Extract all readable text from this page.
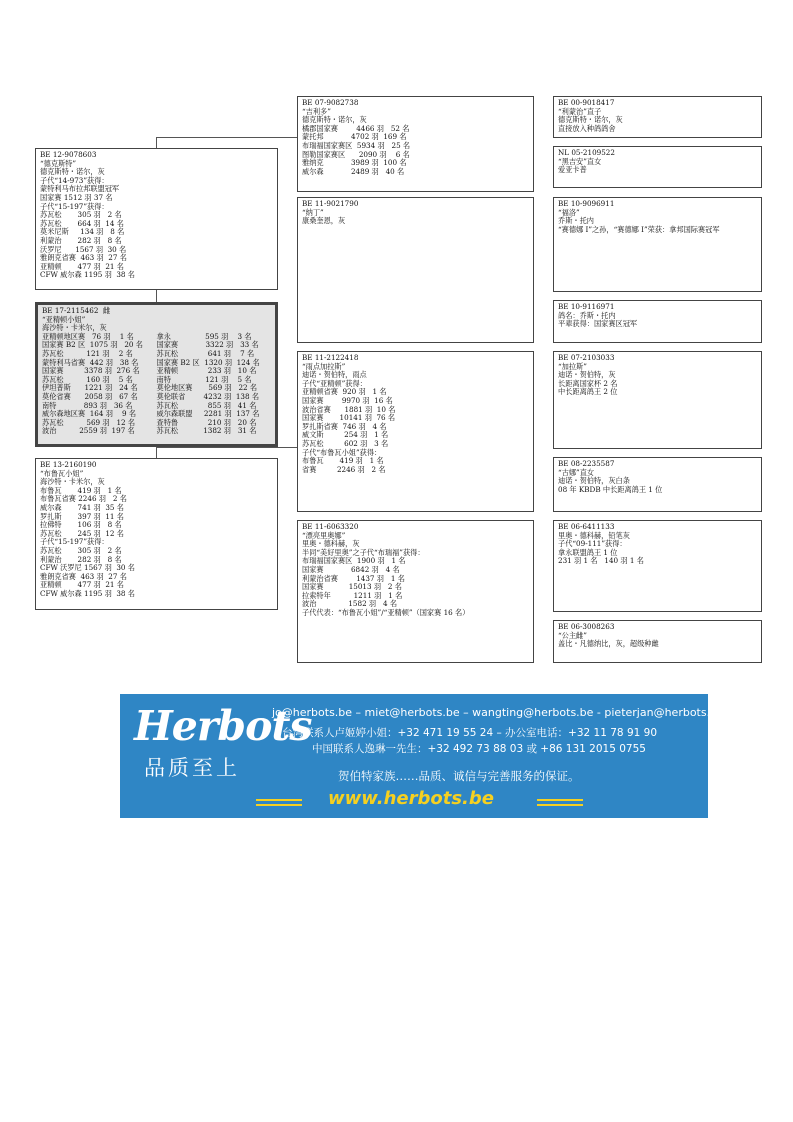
BE 12-9078603
“德克斯特”
德克斯特・诺尔，灰
子代“14-973”获得：
蒙特利马布拉邦联盟冠军
国家赛 1512 羽 37 名
子代“15-197”获得：
苏瓦松       305 羽   2 名
苏瓦松       664 羽  14 名
莫米尼斯     134 羽   8 名
利蒙治       282 羽   8 名
沃罗尼      1567 羽  30 名
雅朗克省赛  463 羽  27 名
亚精顿       477 羽  21 名
CFW 威尔森 1195 羽  38 名
BE 17-2115462  雌
“亚精顿小姐”
海沙特・卡米尔，灰
亚精顿地区赛   76 羽    1 名	拿永               595 羽    3 名
国家赛 B2 区  1075 羽   20 名	国家赛            3322 羽   33 名
苏瓦松          121 羽    2 名	苏瓦松             641 羽    7 名
蒙特利马省赛  442 羽   38 名	国家赛 B2 区  1320 羽  124 名
国家赛         3378 羽  276 名	亚精顿             233 羽   10 名
苏瓦松          160 羽    5 名	南特               121 羽    5 名
伊坦普斯      1221 羽   24 名	莫伦地区赛       569 羽   22 名
莫伦省赛      2058 羽   67 名	莫伦联省        4232 羽  138 名
南特            893 羽   36 名	苏瓦松             855 羽   41 名
威尔森地区赛  164 羽    9 名	威尔森联盟     2281 羽  137 名
苏瓦松          569 羽   12 名	查特鲁             210 羽   20 名
波治          2559 羽  197 名	苏瓦松           1382 羽   31 名
BE 13-2160190
“布鲁瓦小姐”
海沙特・卡米尔，灰
布鲁瓦       419 羽   1 名
布鲁瓦省赛 2246 羽   2 名
威尔森       741 羽  35 名
罗扎斯       397 羽  11 名
拉佛特       106 羽   8 名
苏瓦松       245 羽  12 名
子代“15-197”获得：
苏瓦松       305 羽   2 名
利蒙治       282 羽   8 名
CFW 沃罗尼 1567 羽  30 名
雅朗克省赛  463 羽  27 名
亚精顿       477 羽  21 名
CFW 威尔森 1195 羽  38 名
BE 07-9082738
“吉利多”
德克斯特・诺尔，灰
橘郡国家赛        4466 羽   52 名
蒙托邦            4702 羽  169 名
布瑞福国家赛区  5934 羽   25 名
图勒国家赛区      2090 羽    6 名
雅纳克            3989 羽  100 名
威尔森            2489 羽   40 名
BE 11-9021790
“纳丁”
康桑奎恩，灰
BE 11-2122418
“雨点加拉斯”
迪诺・贺伯特，雨点
子代“亚精顿”获得：
亚精顿省赛  920 羽   1 名
国家赛        9970 羽  16 名
波治省赛      1881 羽  10 名
国家赛       10141 羽  76 名
罗扎斯省赛  746 羽   4 名
威文斯         254 羽   1 名
苏瓦松         602 羽   3 名
子代“布鲁瓦小姐”获得：
布鲁瓦       419 羽   1 名
省赛         2246 羽   2 名
BE 11-6063320
“漂亮里奥娜”
里奥・德科赫，灰
半同“美好里奥”之子代“布瑞福”获得：
布瑞福国家赛区  1900 羽   1 名
国家赛            6842 羽   4 名
利蒙治省赛        1437 羽   1 名
国家赛           15013 羽   2 名
拉索特年          1211 羽   1 名
波治              1582 羽   4 名
子代代表：“布鲁瓦小姐”/“亚精顿”（国家赛 16 名）
BE 00-9018417
“利蒙治”直子
德克斯特・诺尔，灰
直接放入种鸽鸽舍
NL 05-2109522
“黑吉安”直女
爱亚卡普
BE 10-9096911
“福洛”
乔斯・托内
“赛德娜 I”之孙，“赛德娜 I”荣获：拿邦国际赛冠军
BE 10-9116971
鸽名：乔斯・托内
平辈获得：国家赛区冠军
BE 07-2103033
“加拉斯”
迪诺・贺伯特，灰
长距离国家杯 2 名
中长距离鸽王 2 位
BE 08-2235587
“古娜”直女
迪诺・贺伯特，灰白条
08 年 KBDB 中长距离鸽王 1 位
BE 06-6411133
里奥・德科赫，铅笔灰
子代“09-111”获得：
拿永联盟鸽王 1 位
231 羽 1 名   140 羽 1 名
BE 06-3008263
“公主雌”
盖比・凡德纳比，灰，超级种雌
Herbots
品质至上
jo@herbots.be – miet@herbots.be – wangting@herbots.be - pieterjan@herbots.be
台湾联系人卢姬婷小姐：+32 471 19 55 24 – 办公室电话：+32 11 78 91 90
中国联系人逸琳一先生：+32 492 73 88 03 或 +86 131 2015 0755
贺伯特家族……品质、诚信与完善服务的保证。
www.herbots.be
